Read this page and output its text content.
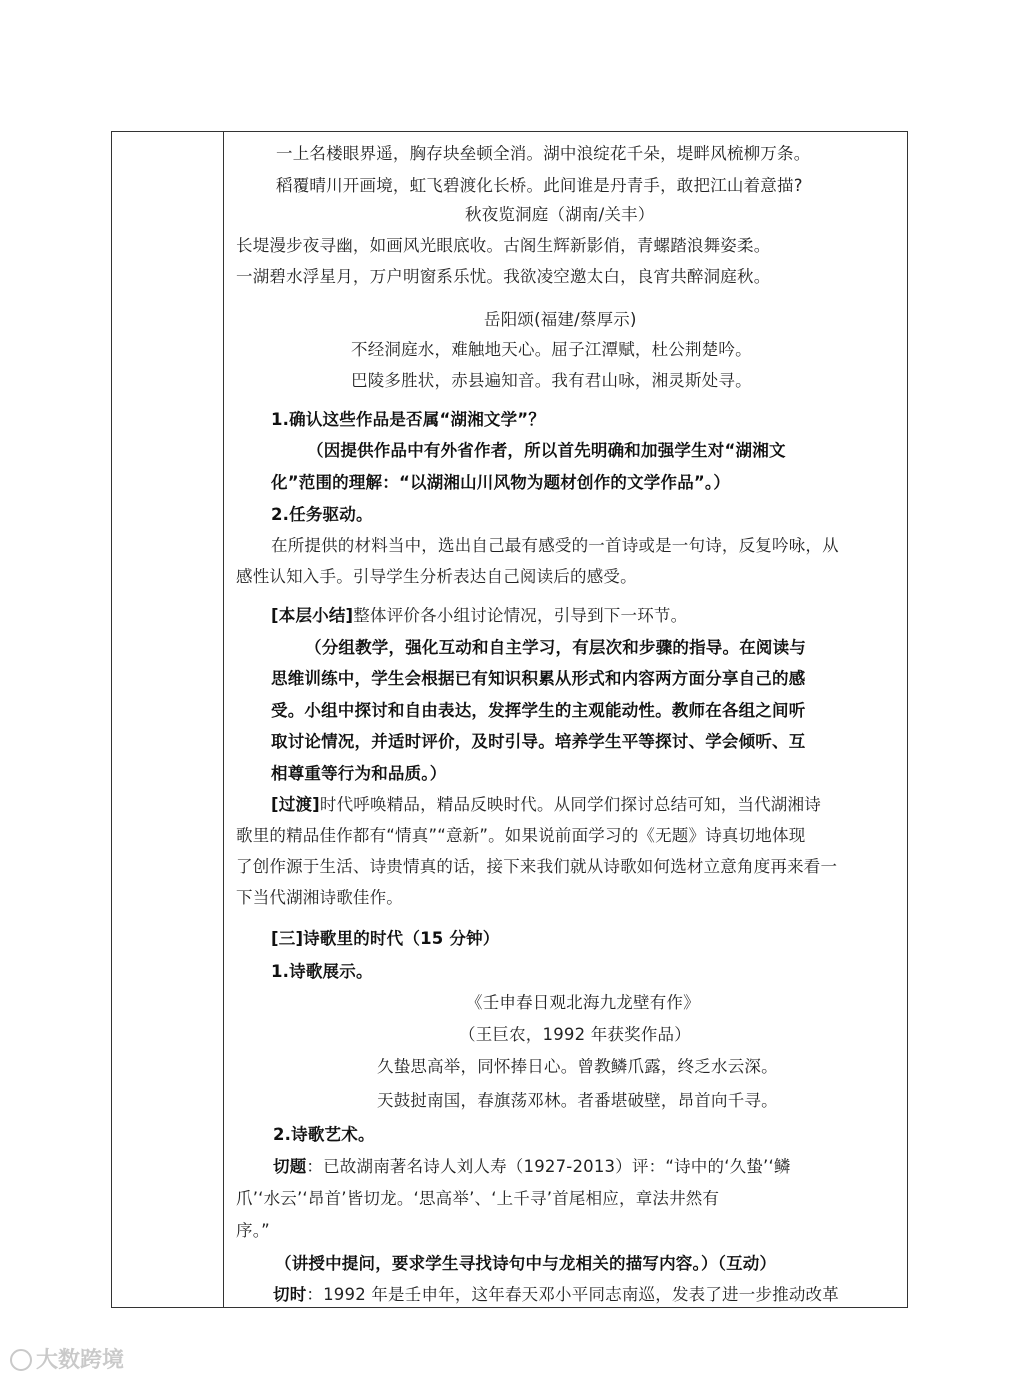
一上名楼眼界遥，胸存块垒顿全消。湖中浪绽花千朵，堤畔风梳柳万条。
稻覆晴川开画境，虹飞碧渡化长桥。此间谁是丹青手，敢把江山着意描?
秋夜览洞庭（湖南/关丰）
长堤漫步夜寻幽，如画风光眼底收。古阁生辉新影俏，青螺踏浪舞姿柔。
一湖碧水浮星月，万户明窗系乐忧。我欲凌空邀太白，良宵共醉洞庭秋。
岳阳颂(福建/蔡厚示)
不经洞庭水，难触地天心。屈子江潭赋，杜公荆楚吟。
巴陵多胜状，赤县遍知音。我有君山咏，湘灵斯处寻。
1.确认这些作品是否属“湖湘文学”？
（因提供作品中有外省作者，所以首先明确和加强学生对“湖湘文
化”范围的理解：“以湖湘山川风物为题材创作的文学作品”。）
2.任务驱动。
在所提供的材料当中，选出自己最有感受的一首诗或是一句诗，反复吟咏，从
感性认知入手。引导学生分析表达自己阅读后的感受。
[本层小结]整体评价各小组讨论情况，引导到下一环节。
（分组教学，强化互动和自主学习，有层次和步骤的指导。在阅读与
思维训练中，学生会根据已有知识积累从形式和内容两方面分享自己的感
受。小组中探讨和自由表达，发挥学生的主观能动性。教师在各组之间听
取讨论情况，并适时评价，及时引导。培养学生平等探讨、学会倾听、互
相尊重等行为和品质。）
[过渡]时代呼唤精品，精品反映时代。从同学们探讨总结可知，当代湖湘诗
歌里的精品佳作都有“情真”“意新”。如果说前面学习的《无题》诗真切地体现
了创作源于生活、诗贵情真的话，接下来我们就从诗歌如何选材立意角度再来看一
下当代湖湘诗歌佳作。
[三]诗歌里的时代（15 分钟）
1.诗歌展示。
《壬申春日观北海九龙壁有作》
（王巨农，1992 年获奖作品）
久蛰思高举，同怀捧日心。曾教鳞爪露，终乏水云深。
天鼓挝南国，春旗荡邓林。者番堪破壁，昂首向千寻。
2.诗歌艺术。
切题：已故湖南著名诗人刘人寿（1927-2013）评：“诗中的‘久蛰’‘鳞
爪’‘水云’‘昂首’皆切龙。‘思高举’、‘上千寻’首尾相应，章法井然有
序。”
（讲授中提问，要求学生寻找诗句中与龙相关的描写内容。）（互动）
切时：1992 年是壬申年，这年春天邓小平同志南巡，发表了进一步推动改革
大数跨境
